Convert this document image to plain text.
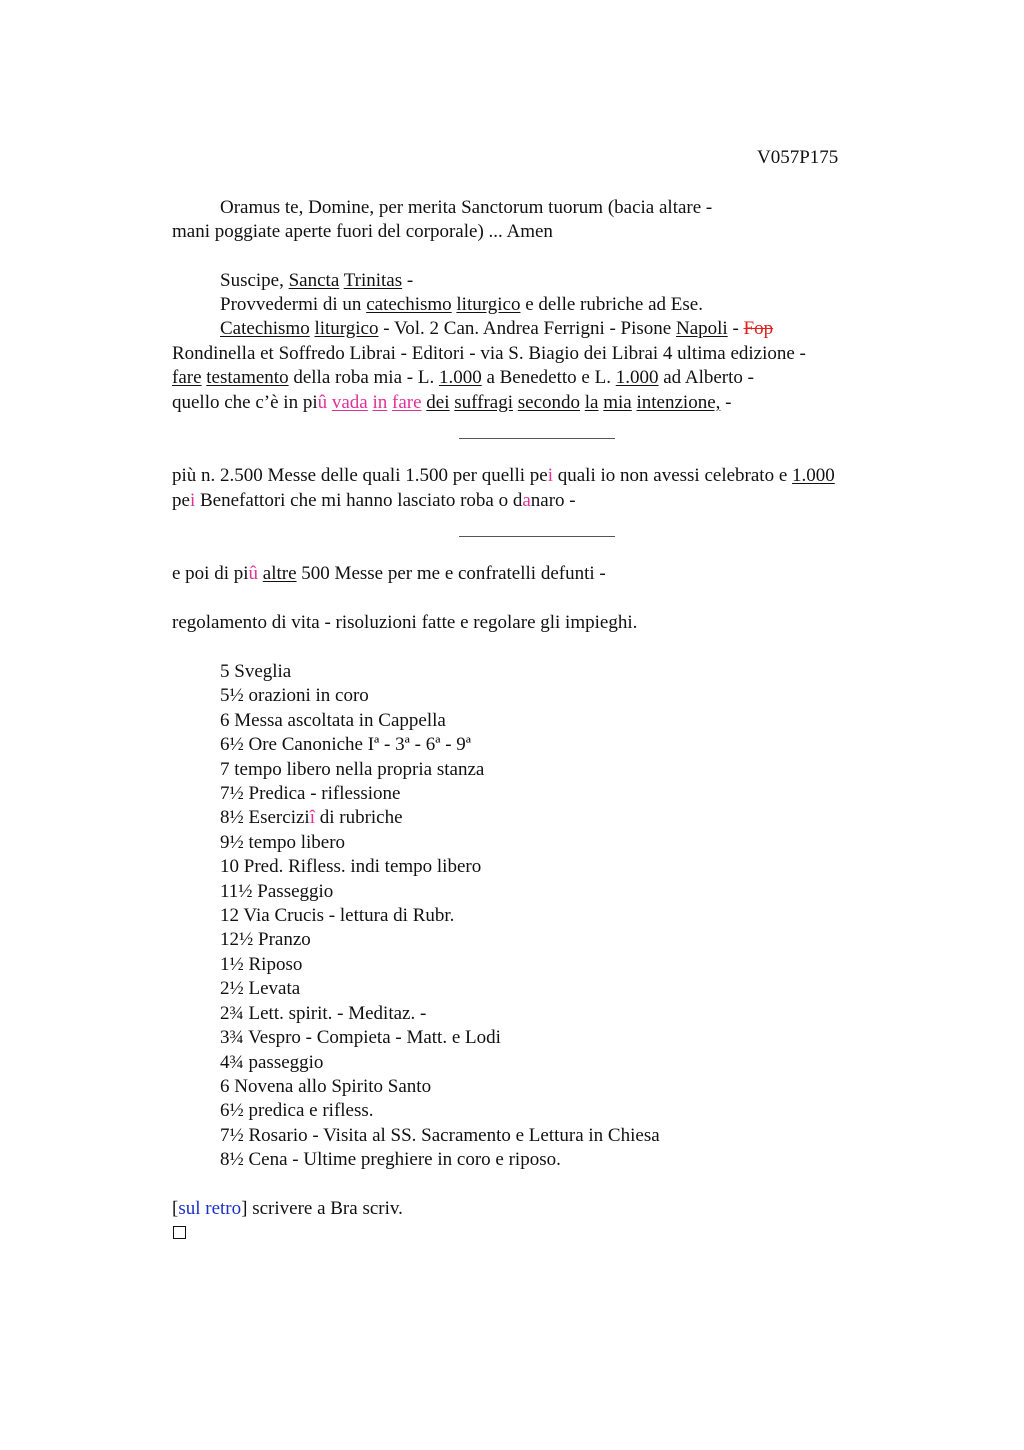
V057P175
Oramus te, Domine, per merita Sanctorum tuorum (bacia altare -
mani poggiate aperte fuori del corporale) ... Amen
Suscipe, Sancta Trinitas -
Provvedermi di un catechismo liturgico e delle rubriche ad Ese.
Catechismo liturgico - Vol. 2 Can. Andrea Ferrigni - Pisone Napoli - Fop
Rondinella et Soffredo Librai - Editori - via S. Biagio dei Librai 4 ultima edizione -
fare testamento della roba mia - L. 1.000 a Benedetto e L. 1.000 ad Alberto -
quello che c’è in piû vada in fare dei suffragi secondo la mia intenzione, -
più n. 2.500 Messe delle quali 1.500 per quelli pei quali io non avessi celebrato e 1.000
pei Benefattori che mi hanno lasciato roba o danaro -
e poi di piû altre 500 Messe per me e confratelli defunti -
regolamento di vita - risoluzioni fatte e regolare gli impieghi.
5 Sveglia
5½ orazioni in coro
6 Messa ascoltata in Cappella
6½ Ore Canoniche Iª - 3ª - 6ª - 9ª
7 tempo libero nella propria stanza
7½ Predica - riflessione
8½ Eserciziî di rubriche
9½ tempo libero
10 Pred. Rifless. indi tempo libero
11½ Passeggio
12 Via Crucis - lettura di Rubr.
12½ Pranzo
1½ Riposo
2½ Levata
2¾ Lett. spirit. - Meditaz. -
3¾ Vespro - Compieta - Matt. e Lodi
4¾ passeggio
6 Novena allo Spirito Santo
6½ predica e rifless.
7½ Rosario - Visita al SS. Sacramento e Lettura in Chiesa
8½ Cena - Ultime preghiere in coro e riposo.
[sul retro] scrivere a Bra scriv.
